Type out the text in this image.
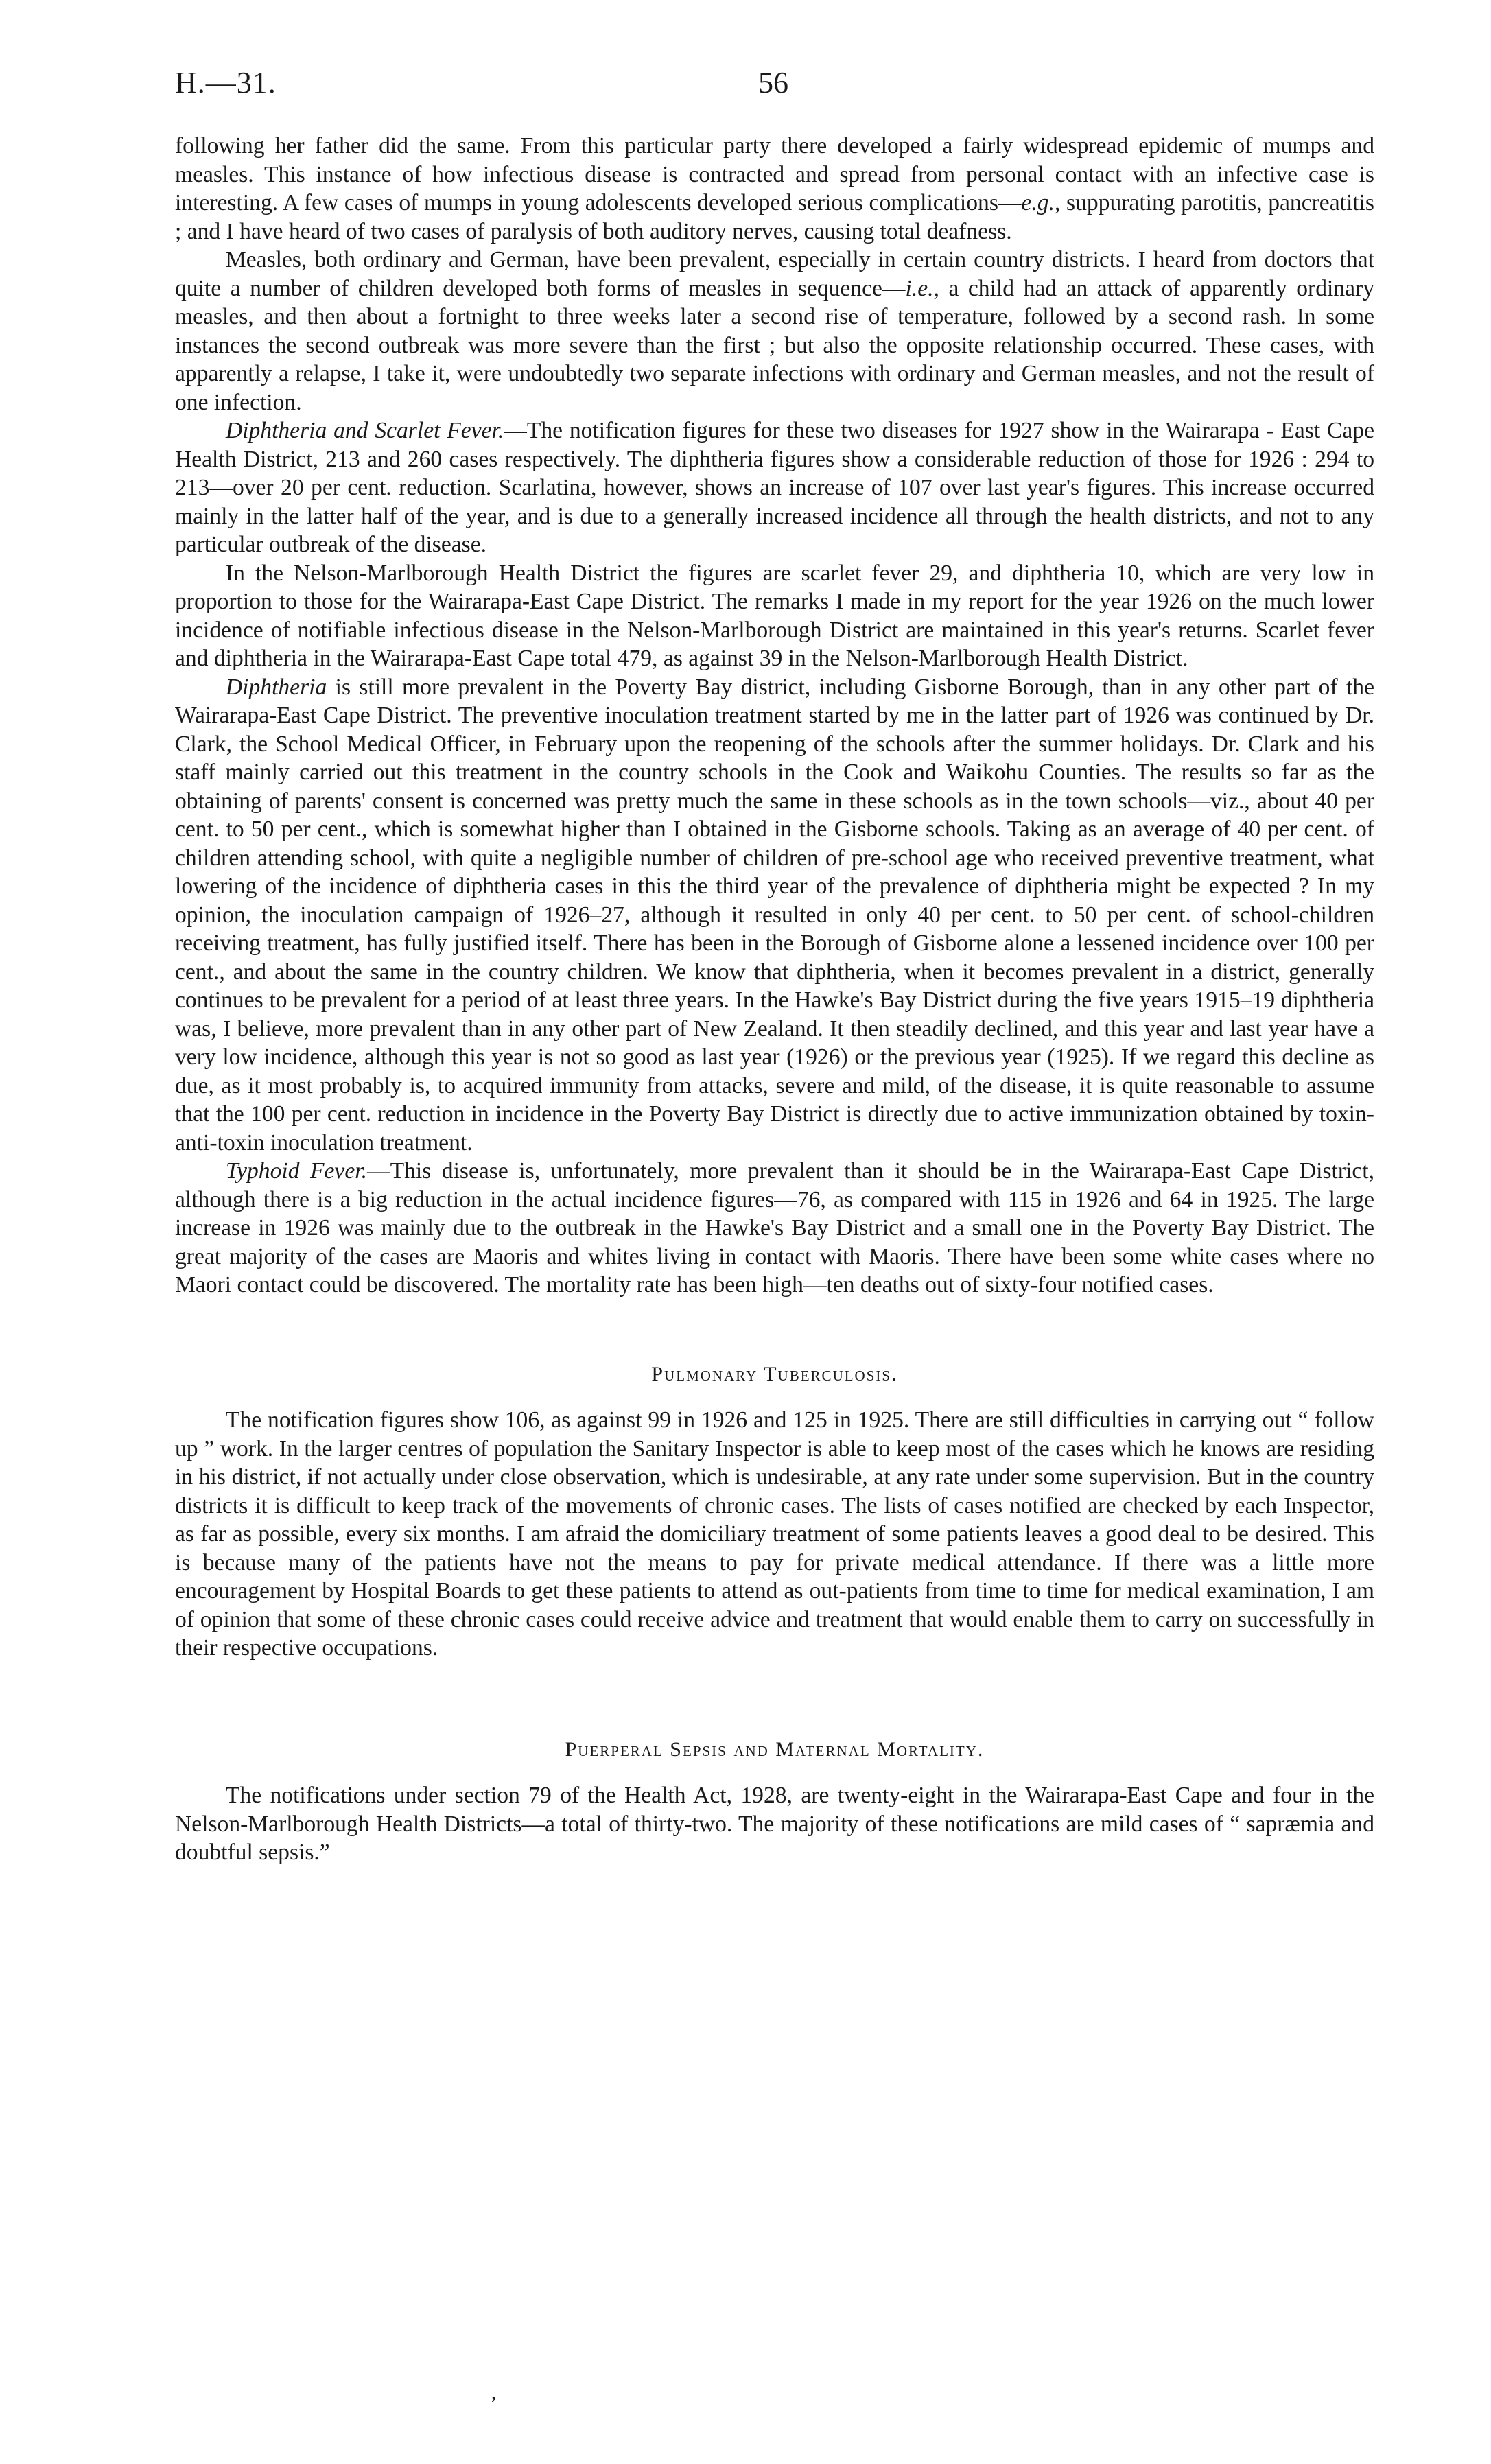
H.—31.	56

following her father did the same. From this particular party there developed a fairly widespread epidemic of mumps and measles. This instance of how infectious disease is contracted and spread from personal contact with an infective case is interesting. A few cases of mumps in young adolescents developed serious complications—e.g., suppurating parotitis, pancreatitis ; and I have heard of two cases of paralysis of both auditory nerves, causing total deafness.

Measles, both ordinary and German, have been prevalent, especially in certain country districts. I heard from doctors that quite a number of children developed both forms of measles in sequence—i.e., a child had an attack of apparently ordinary measles, and then about a fortnight to three weeks later a second rise of temperature, followed by a second rash. In some instances the second outbreak was more severe than the first ; but also the opposite relationship occurred. These cases, with apparently a relapse, I take it, were undoubtedly two separate infections with ordinary and German measles, and not the result of one infection.

Diphtheria and Scarlet Fever.—The notification figures for these two diseases for 1927 show in the Wairarapa - East Cape Health District, 213 and 260 cases respectively. The diphtheria figures show a considerable reduction of those for 1926 : 294 to 213—over 20 per cent. reduction. Scarlatina, however, shows an increase of 107 over last year's figures. This increase occurred mainly in the latter half of the year, and is due to a generally increased incidence all through the health districts, and not to any particular outbreak of the disease.

In the Nelson-Marlborough Health District the figures are scarlet fever 29, and diphtheria 10, which are very low in proportion to those for the Wairarapa-East Cape District. The remarks I made in my report for the year 1926 on the much lower incidence of notifiable infectious disease in the Nelson-Marlborough District are maintained in this year's returns. Scarlet fever and diphtheria in the Wairarapa-East Cape total 479, as against 39 in the Nelson-Marlborough Health District.

Diphtheria is still more prevalent in the Poverty Bay district, including Gisborne Borough, than in any other part of the Wairarapa-East Cape District. The preventive inoculation treatment started by me in the latter part of 1926 was continued by Dr. Clark, the School Medical Officer, in February upon the reopening of the schools after the summer holidays. Dr. Clark and his staff mainly carried out this treatment in the country schools in the Cook and Waikohu Counties. The results so far as the obtaining of parents' consent is concerned was pretty much the same in these schools as in the town schools—viz., about 40 per cent. to 50 per cent., which is somewhat higher than I obtained in the Gisborne schools. Taking as an average of 40 per cent. of children attending school, with quite a negligible number of children of pre-school age who received preventive treatment, what lowering of the incidence of diphtheria cases in this the third year of the prevalence of diphtheria might be expected ? In my opinion, the inoculation campaign of 1926–27, although it resulted in only 40 per cent. to 50 per cent. of school-children receiving treatment, has fully justified itself. There has been in the Borough of Gisborne alone a lessened incidence over 100 per cent., and about the same in the country children. We know that diphtheria, when it becomes prevalent in a district, generally continues to be prevalent for a period of at least three years. In the Hawke's Bay District during the five years 1915–19 diphtheria was, I believe, more prevalent than in any other part of New Zealand. It then steadily declined, and this year and last year have a very low incidence, although this year is not so good as last year (1926) or the previous year (1925). If we regard this decline as due, as it most probably is, to acquired immunity from attacks, severe and mild, of the disease, it is quite reasonable to assume that the 100 per cent. reduction in incidence in the Poverty Bay District is directly due to active immunization obtained by toxin-anti-toxin inoculation treatment.

Typhoid Fever.—This disease is, unfortunately, more prevalent than it should be in the Wairarapa-East Cape District, although there is a big reduction in the actual incidence figures—76, as compared with 115 in 1926 and 64 in 1925. The large increase in 1926 was mainly due to the outbreak in the Hawke's Bay District and a small one in the Poverty Bay District. The great majority of the cases are Maoris and whites living in contact with Maoris. There have been some white cases where no Maori contact could be discovered. The mortality rate has been high—ten deaths out of sixty-four notified cases.

Pulmonary Tuberculosis.

The notification figures show 106, as against 99 in 1926 and 125 in 1925. There are still difficulties in carrying out “ follow up ” work. In the larger centres of population the Sanitary Inspector is able to keep most of the cases which he knows are residing in his district, if not actually under close observation, which is undesirable, at any rate under some supervision. But in the country districts it is difficult to keep track of the movements of chronic cases. The lists of cases notified are checked by each Inspector, as far as possible, every six months. I am afraid the domiciliary treatment of some patients leaves a good deal to be desired. This is because many of the patients have not the means to pay for private medical attendance. If there was a little more encouragement by Hospital Boards to get these patients to attend as out-patients from time to time for medical examination, I am of opinion that some of these chronic cases could receive advice and treatment that would enable them to carry on successfully in their respective occupations.

Puerperal Sepsis and Maternal Mortality.

The notifications under section 79 of the Health Act, 1928, are twenty-eight in the Wairarapa-East Cape and four in the Nelson-Marlborough Health Districts—a total of thirty-two. The majority of these notifications are mild cases of “ sapræmia and doubtful sepsis.”

,
